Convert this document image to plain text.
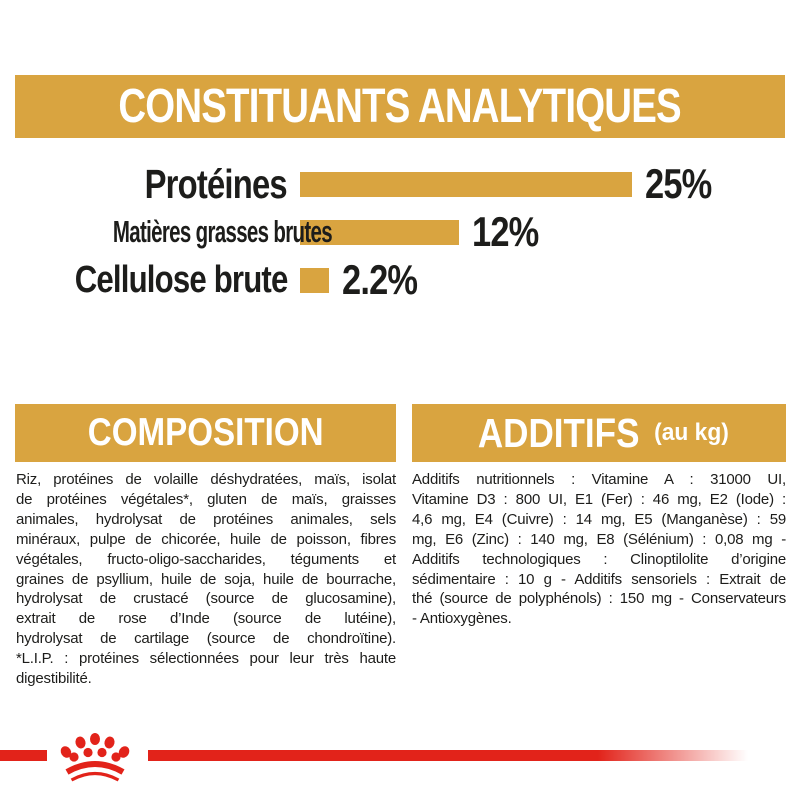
CONSTITUANTS ANALYTIQUES
Protéines	25%
Matières grasses brutes	12%
Cellulose brute 2.2%
COMPOSITION
Riz, protéines de volaille déshydratées, maïs, isolat
de protéines végétales*, gluten de maïs, graisses
animales, hydrolysat de protéines animales, sels
minéraux, pulpe de chicorée, huile de poisson, fibres
végétales, fructo-oligo-saccharides, téguments et
graines de psyllium, huile de soja, huile de bourrache,
hydrolysat de crustacé (source de glucosamine),
extrait de rose d’Inde (source de lutéine),
hydrolysat de cartilage (source de chondroïtine).
*L.I.P. : protéines sélectionnées pour leur très haute
digestibilité.
ADDITIFS (au kg)
Additifs nutritionnels : Vitamine A : 31000 UI,
Vitamine D3 : 800 UI, E1 (Fer) : 46 mg, E2 (Iode) :
4,6 mg, E4 (Cuivre) : 14 mg, E5 (Manganèse) : 59
mg, E6 (Zinc) : 140 mg, E8 (Sélénium) : 0,08 mg -
Additifs technologiques : Clinoptilolite d’origine
sédimentaire : 10 g - Additifs sensoriels : Extrait de
thé (source de polyphénols) : 150 mg - Conservateurs
- Antioxygènes.
